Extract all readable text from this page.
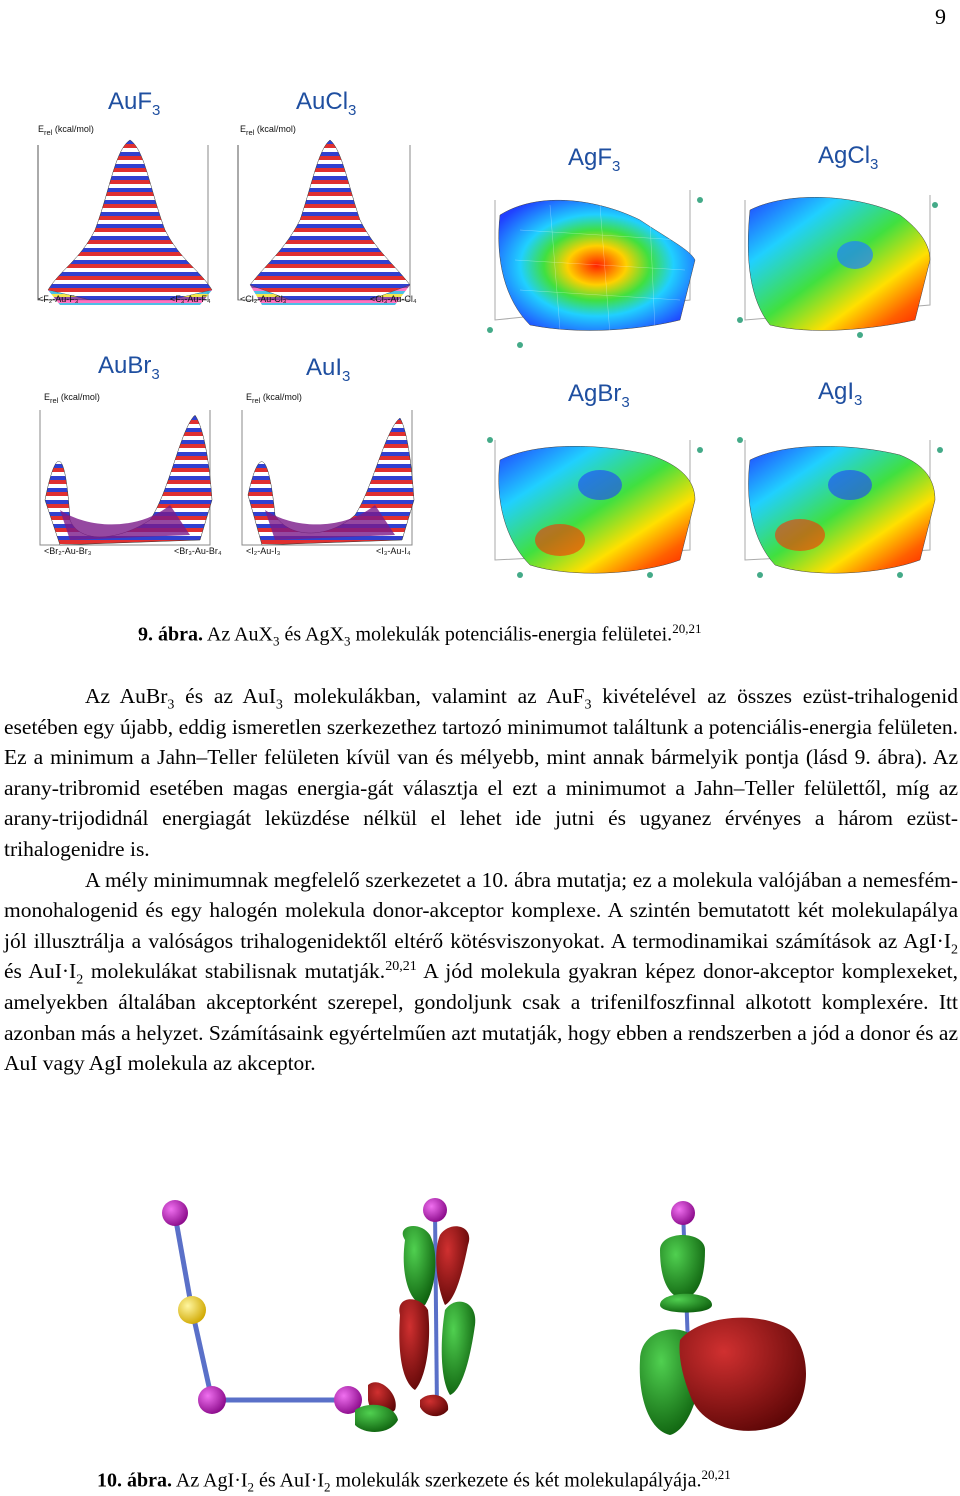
9
AuF$_3$	AuCl$_3$
AgF$_3$	AgCl$_3$
AuBr$_3$	AuI$_3$
AgBr$_3$	AgI$_3$
$E_{rel}$ (kcal/mol)	$E_{rel}$ (kcal/mol)
$E_{rel}$ (kcal/mol)	$E_{rel}$ (kcal/mol)
<F₂-Au-F₃	<F₃-Au-F₄	<Cl₂-Au-Cl₃	<Cl₃-Au-Cl₄
<Br₂-Au-Br₃	<Br₃-Au-Br₄	<I₂-Au-I₃	<I₃-Au-I₄
9. ábra. Az AuX$_3$ és AgX$_3$ molekulák potenciális-energia felületei.$^{20,21}$

Az AuBr$_3$ és az AuI$_3$ molekulákban, valamint az AuF$_3$ kivételével az összes ezüst-trihalogenid esetében egy újabb, eddig ismeretlen szerkezethez tartozó minimumot találtunk a potenciális-energia felületen. Ez a minimum a Jahn–Teller felületen kívül van és mélyebb, mint annak bármelyik pontja (lásd 9. ábra). Az arany-tribromid esetében magas energia-gát választja el ezt a minimumot a Jahn–Teller felülettől, míg az arany-trijodidnál energiagát leküzdése nélkül el lehet ide jutni és ugyanez érvényes a három ezüst-trihalogenidre is.

A mély minimumnak megfelelő szerkezetet a 10. ábra mutatja; ez a molekula valójában a nemesfém-monohalogenid és egy halogén molekula donor-akceptor komplexe. A szintén bemutatott két molekulapálya jól illusztrálja a valóságos trihalogenidektől eltérő kötésviszonyokat. A termodinamikai számítások az $AgI\cdot I_2$ és $AuI\cdot I_2$ molekulákat stabilisnak mutatják.$^{20,21}$ A jód molekula gyakran képez donor-akceptor komplexeket, amelyekben általában akceptorként szerepel, gondoljunk csak a trifenilfoszfinnal alkotott komplexére. Itt azonban más a helyzet. Számításaink egyértelműen azt mutatják, hogy ebben a rendszerben a jód a donor és az AuI vagy AgI molekula az akceptor.

10. ábra. Az $AgI\cdot I_2$ és $AuI\cdot I_2$ molekulák szerkezete és két molekulapályája.$^{20,21}$
